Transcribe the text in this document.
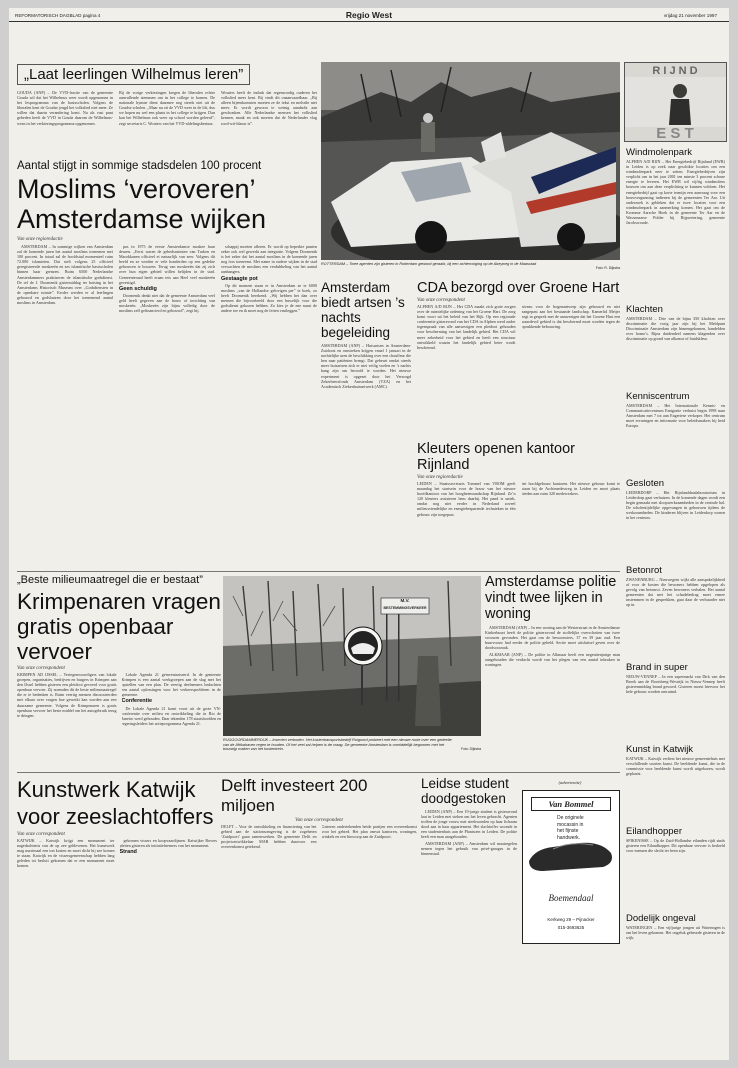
REFORMATORISCH DAGBLAD pagina 4	Regio West	vrijdag 21 november 1997
„Laat leerlingen Wilhelmus leren”
GOUDA (ANP) – De VVD-fractie van de gemeente Gouda wil dat het Wilhelmus weer wordt opgenomen in het lesprogramma van de basisscholen. Volgens de liberalen kent de Goudse jeugd het volkslied niet meer. Ze willen dat daarin verandering komt. Na als vast punt gebeden heeft de VVD in Gouda daarom de Wilhelmus-wens in het verkiezingsprogramma opgenomen.
Bij de vorige verkiezingen kregen de liberalen echter aanvullende stemmen om in het college te komen. De nationale hymne dient daarmee nog steeds niet uit de Goudse scholen. „Maar nu zit de VVD weer in de lift, dus we hopen nu wel een plaats in het college te krijgen. Dan kan het Wilhelmus ook weer op school worden geleerd”, zegt secretaris C. Wouters van het VVD-afdelingsbestuur.
Wouters heeft de indruk dat regenwordig ouderen het volkslied meer kent. Bij vindt dit onaanvaardbaar. „Bij alleen bijeenkomsten moeten ze de tekst en melodie niet meer. Er wordt gewoon te weinig aandacht aan geschonken. Alle Nederlandse mensen het volkslied kennen, maak en ook moeten dat de Nederlander vlag rood-wit-blauw is”.
Aantal stijgt in sommige stadsdelen 100 procent
Moslims ‘veroveren’ Amsterdamse wijken
Van onze regioredactie

AMSTERDAM – In sommige wijken van Amsterdam zal de komende jaren het aantal moslims toenemen met 100 procent. In totaal zal de hoofdstad momenteel ruim 72.000 islamieten. Dat stelt volgens 25 officieel geregistreerde moskeeën en zes islamitische basisscholen binnen haar grenzen. Ruim 6500 Nederlandse Amsterdammers praktiseren de islamitische godsdienst. De rel de J. Doomenik gistermiddag ter botsing in het Amsterdams Historisch Museum over „Godsdiensten in de openbare ruimte”. Eerder werden er al leerlingen gebouwd en godshuizen door het toenemend aantal moslims in Amsterdam.

pas in 1975 de eerste Amsterdamse moskee haar deuren. „Eerst waren de gebedsruimten van Turken en Marokkanen officieel et natuurlijk van zeer. Volgens dit beeld en ze werden er vele honderden op een gedekte gebouwen te bouwen. Terug van moskeeën dat zij zich over hun eigen gebied willen belijden in de stad. Gemeenteraad heeft eraan iets aan Heel veel moskeeën gevestigd.

Geen schuldig

Doomenik denkt niet dat de gemeente Amsterdam veel geld heeft gegeven aan de bouw of inrichting van moskeeën. „Moskeeën zijn bijna volledig door de moslims zelf gefinancierd en gebouwd”, zegt hij.

schappij moeten afleren. Er wordt op beperkte punten zeker ook wel gewerkt aan integratie. Volgens Doomenik is het zeker dat het aantal moslims in de komende jaren nog fors toeneemt. Met name in oudere wijken in de stad verwachten de moslims een verdubbeling van het aantal aanhangers.

Gestaagte pot

Op dit moment staan er in Amsterdam ze te 6000 moslims „van de Hollandse gelovigen per” te boek, zo heeft Doomenik berekend. „Wij hebben het dan over mensen die bijvoorbeeld door een huwelijk voor die godsdienst gekozen hebben. Zo kies je de ene naast de andere toe en ik moet nog de feiten vastleggen.”

ROTTERDAM – Twee agenten zijn gisteren in Rotterdam gewond geraakt, bij een achtervolging op de Abeyweg in de Maasstad
Foto: R. Dijkstra
Amsterdam biedt artsen ’s nachts begeleiding
AMSTERDAM (ANP) – Huisartsen in Amsterdam-Zuidoost en omstreken krijgen vanaf 1 januari in de nachtelijke uren de beschikking over een chauffeur die hen naar patiënten brengt. Dat gebeurt omdat steeds meer huisartsen zich er niet veilig voelen en ’s nachts bang zijn om beroofd te worden. Het nieuwe experiment is opgezet door het Verzorgd Zekerheersfonds Amsterdam (VZA) en het Academisch Ziekenhuisnetwerk (AMC).
CDA bezorgd over Groene Hart
Van onze correspondent
ALPHEN A/D RIJN – Het CDA maakt zich grote zorgen over de ruimtelijke ordening van het Groene Hart. De zorg komt voort uit het beleid van het Rijk. Op een regionale conferentie gisteravond van het CDA in Alphen werd onder tegenspraak van alle aanwezigen een pleidooi gehouden voor bescherming van het landelijk gebied. Het CDA wil meer zekerheid voor het gebied en heeft een structuur ontwikkeld waarin het landelijk gebied beter wordt beschermd.
niveau voor de bogenantwerp zijn gebouwd en niet aangepast aan het bestaande landschap. Kamerlid Meijer zegt in gesprek met de aanwezigen dat het Groene Hart een waardevol gebied is dat beschermd moet worden tegen de oprukkende bebouwing.
Kleuters openen kantoor Rijnland
Van onze regioredactie
LEIDEN – Staatssecretaris Tommel van VROM geeft maandag het startsein voor de bouw van het nieuwe hoofdkantoor van het hoogheemraadschap Rijnland. Ze’n 120 kleuters assisteren hem daarbij. Het pand is uniek, omdat nog niet eerder in Nederland zoveel milieuvriendelijke en energiebesparende technieken in één gebouw zijn toegepast.
het hoofdgebouw kantoren. Het nieuwe gebouw komt te staan bij de Archimedesweg in Leiden en moet plaats bieden aan ruim 320 medewerkers.
„Beste milieumaatregel die er bestaat”
Krimpenaren vragen gratis openbaar vervoer
Van onze correspondent
KRIMPEN AD IJSSEL – Vertegenwoordigers van lokale groepen, organisaties, bedrijven en burgers in Krimpen aan den IJssel hebben gisteren een pleidooi gevoerd voor gratis openbaar vervoer. Zij noemden dit de beste milieumaatregel die er te bedenken is. Ruim veertig mensen discussieerden met elkaar over vragen hoe gewerkt kan worden aan een duurzame gemeente. Volgens de Krimpenaren is gratis openbaar vervoer het beste middel om het autogebruik terug te dringen.

Lokale Agenda 21 geïnventariseerd. In de gemeente Krimpen is een aantal werkgroepen aan de slag met het opstellen van een plan. De veertig deelnemers bedachten een aantal oplossingen voor het verkeersprobleem in de gemeente.

Conferentie

De Lokale Agenda 21 komt voort uit de grote VN-conferentie over milieu en ontwikkeling die in Rio de Janeiro werd gehouden. Daar tekenden 178 staatshoofden en regeringsleiders het actieprogramma Agenda 21.

M.V.
BESTEMMINGSVERKEER
RUGGOORDAMMERDIJK – Insecten verboden. Het kustentransportsbedrijf Ruigoord probeert met een nieuwe route over een gedeelte van de Afrikahaven regen te houden. Of het veel zal helpen is de vraag. De gemeente Amsterdam is onmiddellijk begonnen met het bouwrijp maken van het kustentrein.	Foto: Dijkstra
Amsterdamse politie vindt twee lijken in woning

AMSTERDAM (ANP) – In een woning aan de Westerstraat in de Amsterdamse Kinkerbuurt heeft de politie gisteravond de stoffelijke overschotten van twee vrouwen gevonden. Het gaat om de bewoonsters, 37 en 39 jaar oud. Een buurvrouw had eerder de politie gebeld. Sectie moet uitsluitsel geven over de doodsoorzaak.

ALKMAAR (ANP) – De politie in Alkmaar heeft een negentienjarige man aangehouden die verdacht wordt van het plegen van een aantal inbraken in woningen.

Kunstwerk Katwijk voor zeeslachtoffers
Van onze correspondent
KATWIJK – Katwijk krijgt een monument ter nagedachtenis van de op zee geblevenen. Het kunstwerk mag maximaal een ton kosten en moet dicht bij zee komen te staan. Katwijk en de vissersgemeenschap hebben lang geleden tot besluit gekomen dat er een monument moet komen.

gekomen vissers en koopvaardijmen. Katwijker Rovers pleiten gisteren als initiatiefnemers van het monument.

Strand
Delft investeert 200 miljoen
Van onze correspondent
DELFT – Voor de ontwikkeling en financiering van het gebied aan de stationsomgeving is de zogeheten ‘Zuidpoort’ gaan samenwerken. De gemeente Delft en projectontwikkelaar MAB hebben daarvoor een overeenkomst getekend.
Gisteren ondertekenden beide partijen een overeenkomst voor het gebied. Het plan omvat kantoren, woningen, winkels en een bioscoop aan de Zuidpoort.
Leidse student doodgestoken

LEIDEN (ANP) – Een 19-jarige student is gisteravond laat in Leiden met steken om het leven gebracht. Agenten troffen de jonge vrouw met steekwonden op haar lichaam dood aan in haar appartement. Het slachtoffer woonde in een studentenhuis aan de Plantsoen in Leiden. De politie heeft een man aangehouden.

AMSTERDAM (ANP) – Amsterdam wil maatregelen nemen tegen het gebruik van privé-garages in de binnenstad.

(advertentie)
Van Bommel
De originele
mocassin in
het fijnste
handwerk.
Boemendaal
Kerkweg 29 – Pijnacker
015-3693625
R I J N D
E S T
Windmolenpark
ALPHEN A/D RIJN – Het Energiebedrijf Rijnland (EWR) in Leiden is op zoek naar geschikte locaties om een windmolenpark neer te zetten. Energiebedrijven zijn verplicht om in het jaar 2001 ten minste 3 procent schone energie te leveren. Het EWR wil vijftig windmolens bouwen om aan deze verplichting te kunnen voldoen. Het energiebedrijf gaat op korte termijn een aanvraag voor een bouwvergunning indienen bij de gemeenten Ter Aar. Uit onderzoek is gebleken dat er twee locaties voor een windmolenpark in aanmerking komen. Het gaat om de Kromme Aarsche Hoek in de gemeente Ter Aar en de Wassenaarse Polder bij Rijpwetering, gemeente Jacobswoude.
Klachten
AMSTERDAM – Drie van de bijna 350 klachten over discriminatie die vorig jaar zijn bij het Meldpunt Discriminatie Amsterdam zijn binnengekomen, handelden over homo’s. Rijna duidendeel namens klagenden over discriminatie op grond van afkomst of huidskleur.
Kenniscentrum
AMSTERDAM – Het Internationale Kennis- en Communicatiecentrum Emigratie verhuist begin 1998 naar Amsterdam met 7 tot aan Engeriese verkoper. Het centrum moet ervaringen en informatie voor beleidsmakers bij hetd Europa.
Gesloten
LEIDERDORP – Het Rijnlanddatalaboratorium in Leiderdorp gaat verhuizen. In de komende dagen wordt een begin gemaakt met sloopwerkzaamheden in de centrale hal. De scholentijdelijke opgevangen in gebouwen tijdens de werkzaamheden. De kinderen blijven in Leiderdorp wonen in het centrum.
Betonrot
ZWANENBURG – Nieuwegein wijkt alle aanspakelijkheid af voor de kosten die bewoners hebben opgelopen als gevolg van betonrot. Zeven bewoners verhalen. Het aantal gemeenten dat met het schadebedrag moet ermee instemmen in de gesprekken, gaat daar de verhuurder niet op in.
Brand in super
NIEUW-VENNEP – In een supermarkt van Dirk van den Broek aan de Bootsbeeg-Westrijk in Nieuw-Vennep heeft gisterenmiddag brand gewoed. Gisteren moest hiervoor het hele gebouw worden ontruimd.
Kunst in Katwijk
KATWIJK – Katwijk verliest het nieuwe gemeentehuis met verschillende soorten kunst. De beeldende kunst, die in de commissie voor beeldende kunst wordt uitgekozen, wordt geplaatst.
Eilandhopper
SPIKENISSE – Op de Zuid-Hollandse eilanden rijdt sinds gisteren een Eilandhopper. Dit openbaar vervoer is bedoeld voor mensen die slecht ter been zijn.
Dodelijk ongeval
WATERINGEN – Een vijfjarige jongen uit Wateringen is om het leven gekomen. Het ongeluk gebeurde gisteren in de wijk.
